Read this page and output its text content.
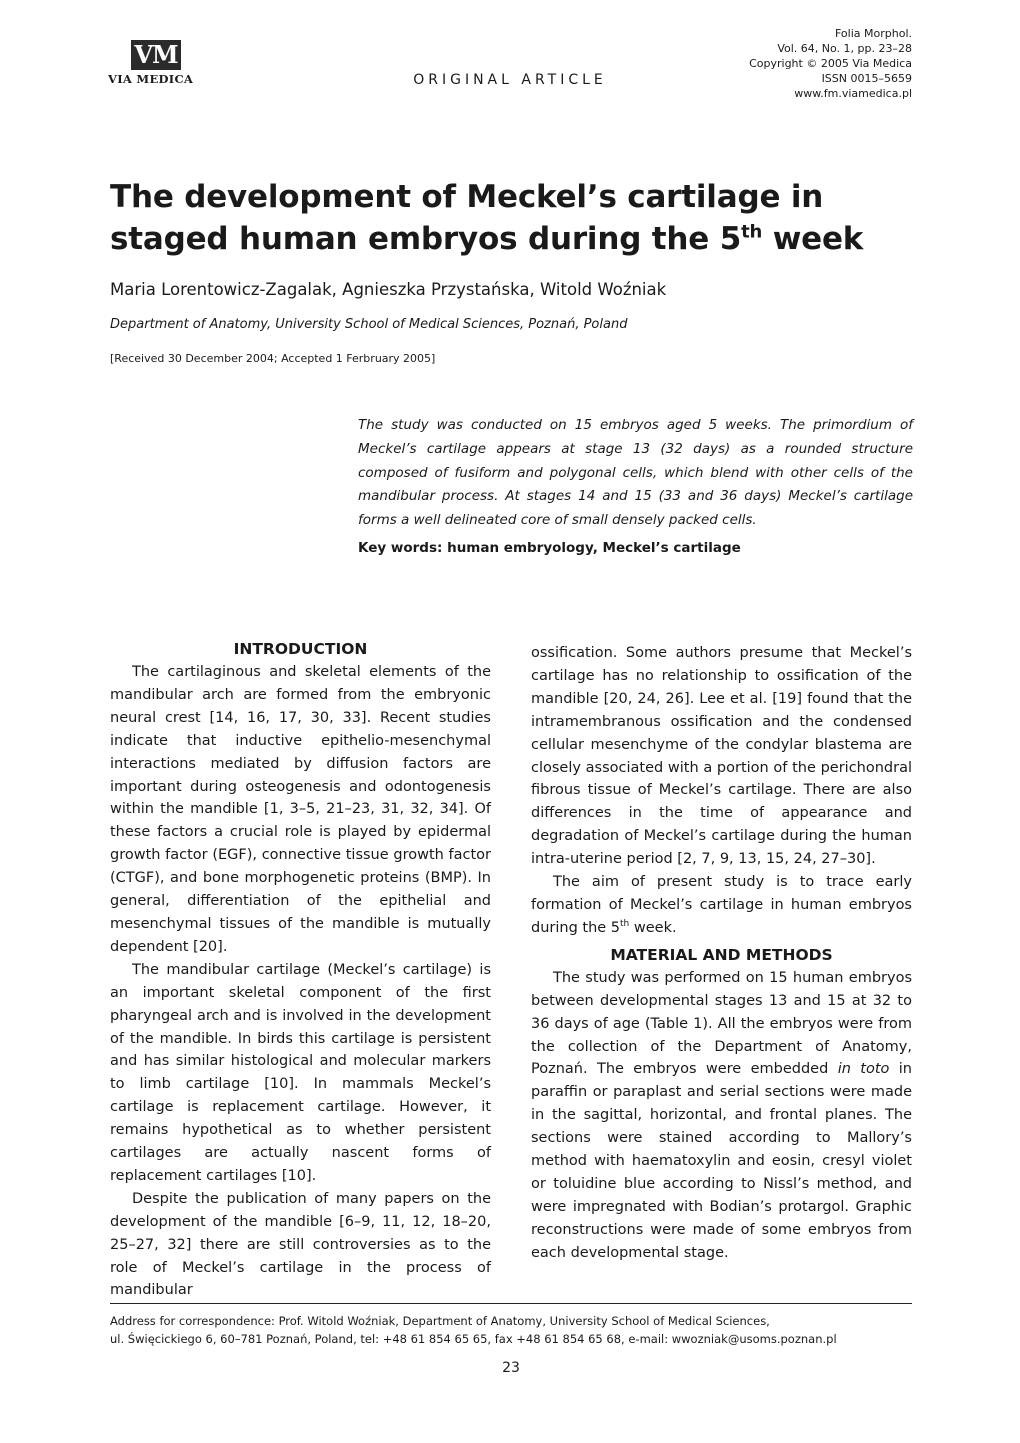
VM
VIA MEDICA	ORIGINAL ARTICLE
Folia Morphol.
Vol. 64, No. 1, pp. 23–28
Copyright © 2005 Via Medica
ISSN 0015–5659
www.fm.viamedica.pl
The development of Meckel’s cartilage in staged human embryos during the 5th week
Maria Lorentowicz-Zagalak, Agnieszka Przystańska, Witold Woźniak
Department of Anatomy, University School of Medical Sciences, Poznań, Poland
[Received 30 December 2004; Accepted 1 Ferbruary 2005]
The study was conducted on 15 embryos aged 5 weeks. The primordium of Meckel’s cartilage appears at stage 13 (32 days) as a rounded structure composed of fusiform and polygonal cells, which blend with other cells of the mandibular process. At stages 14 and 15 (33 and 36 days) Meckel’s cartilage forms a well delineated core of small densely packed cells.
Key words: human embryology, Meckel’s cartilage
INTRODUCTION

The cartilaginous and skeletal elements of the mandibular arch are formed from the embryonic neural crest [14, 16, 17, 30, 33]. Recent studies indicate that inductive epithelio-mesenchymal interactions mediated by diffusion factors are important during osteogenesis and odontogenesis within the mandible [1, 3–5, 21–23, 31, 32, 34]. Of these factors a crucial role is played by epidermal growth factor (EGF), connective tissue growth factor (CTGF), and bone morphogenetic proteins (BMP). In general, differentiation of the epithelial and mesenchymal tissues of the mandible is mutually dependent [20].

The mandibular cartilage (Meckel’s cartilage) is an important skeletal component of the first pharyngeal arch and is involved in the development of the mandible. In birds this cartilage is persistent and has similar histological and molecular markers to limb cartilage [10]. In mammals Meckel’s cartilage is replacement cartilage. However, it remains hypothetical as to whether persistent cartilages are actually nascent forms of replacement cartilages [10].

Despite the publication of many papers on the development of the mandible [6–9, 11, 12, 18–20, 25–27, 32] there are still controversies as to the role of Meckel’s cartilage in the process of mandibular

ossification. Some authors presume that Meckel’s cartilage has no relationship to ossification of the mandible [20, 24, 26]. Lee et al. [19] found that the intramembranous ossification and the condensed cellular mesenchyme of the condylar blastema are closely associated with a portion of the perichondral fibrous tissue of Meckel’s cartilage. There are also differences in the time of appearance and degradation of Meckel’s cartilage during the human intra-uterine period [2, 7, 9, 13, 15, 24, 27–30].

The aim of present study is to trace early formation of Meckel’s cartilage in human embryos during the 5th week.

MATERIAL AND METHODS

The study was performed on 15 human embryos between developmental stages 13 and 15 at 32 to 36 days of age (Table 1). All the embryos were from the collection of the Department of Anatomy, Poznań. The embryos were embedded in toto in paraffin or paraplast and serial sections were made in the sagittal, horizontal, and frontal planes. The sections were stained according to Mallory’s method with haematoxylin and eosin, cresyl violet or toluidine blue according to Nissl’s method, and were impregnated with Bodian’s protargol. Graphic reconstructions were made of some embryos from each developmental stage.

Address for correspondence: Prof. Witold Woźniak, Department of Anatomy, University School of Medical Sciences,
ul. Święcickiego 6, 60–781 Poznań, Poland, tel: +48 61 854 65 65, fax +48 61 854 65 68, e-mail: wwozniak@usoms.poznan.pl
23
